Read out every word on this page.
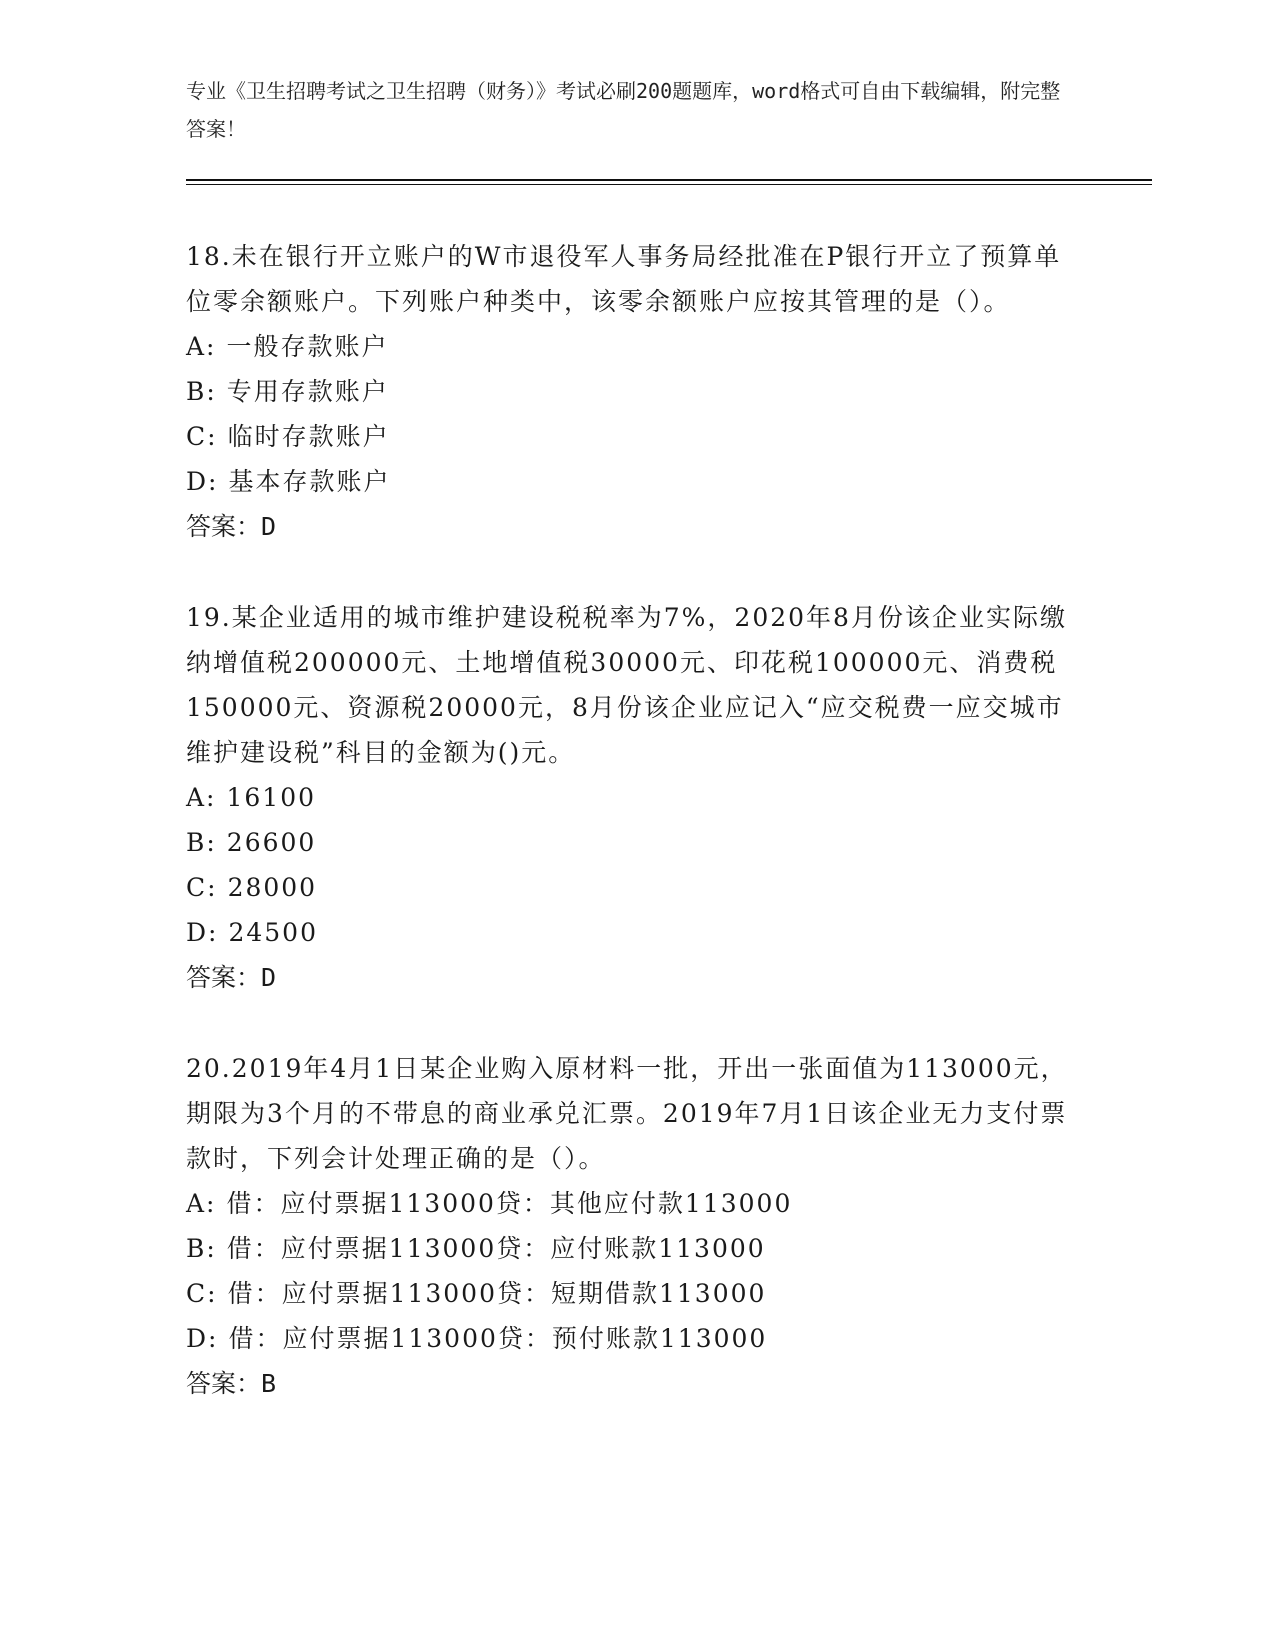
专业《卫生招聘考试之卫生招聘（财务）》考试必刷200题题库，word格式可自由下载编辑，附完整答案！

18.未在银行开立账户的W市退役军人事务局经批准在P银行开立了预算单位零余额账户。下列账户种类中，该零余额账户应按其管理的是（）。

A: 一般存款账户
B: 专用存款账户
C: 临时存款账户
D: 基本存款账户

答案：D

19.某企业适用的城市维护建设税税率为7%，2020年8月份该企业实际缴纳增值税200000元、土地增值税30000元、印花税100000元、消费税150000元、资源税20000元，8月份该企业应记入“应交税费一应交城市维护建设税”科目的金额为()元。

A: 16100
B: 26600
C: 28000
D: 24500

答案：D

20.2019年4月1日某企业购入原材料一批，开出一张面值为113000元，期限为3个月的不带息的商业承兑汇票。2019年7月1日该企业无力支付票款时，下列会计处理正确的是（）。

A: 借：应付票据113000贷：其他应付款113000
B: 借：应付票据113000贷：应付账款113000
C: 借：应付票据113000贷：短期借款113000
D: 借：应付票据113000贷：预付账款113000

答案：B
